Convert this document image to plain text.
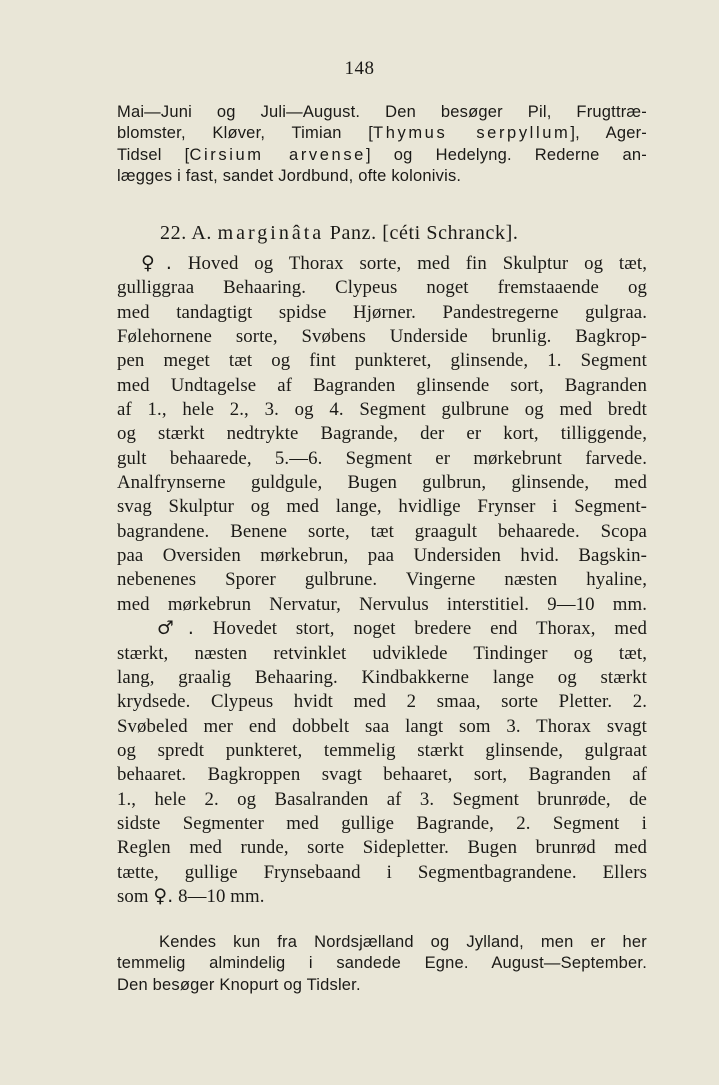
148
Mai—Juni og Juli—August. Den besøger Pil, Frugttræ-
blomster, Kløver, Timian [Thymus serpyllum], Ager-
Tidsel [Cirsium arvense] og Hedelyng. Rederne an-
lægges i fast, sandet Jordbund, ofte kolonivis.
22. A. marginâta Panz. [céti Schranck].
♀. Hoved og Thorax sorte, med fin Skulptur og tæt,
gulliggraa Behaaring. Clypeus noget fremstaaende og
med tandagtigt spidse Hjørner. Pandestregerne gulgraa.
Følehornene sorte, Svøbens Underside brunlig. Bagkrop-
pen meget tæt og fint punkteret, glinsende, 1. Segment
med Undtagelse af Bagranden glinsende sort, Bagranden
af 1., hele 2., 3. og 4. Segment gulbrune og med bredt
og stærkt nedtrykte Bagrande, der er kort, tilliggende,
gult behaarede, 5.—6. Segment er mørkebrunt farvede.
Analfrynserne guldgule, Bugen gulbrun, glinsende, med
svag Skulptur og med lange, hvidlige Frynser i Segment-
bagrandene. Benene sorte, tæt graagult behaarede. Scopa
paa Oversiden mørkebrun, paa Undersiden hvid. Bagskin-
nebenenes Sporer gulbrune. Vingerne næsten hyaline,
med mørkebrun Nervatur, Nervulus interstitiel. 9—10 mm.
♂. Hovedet stort, noget bredere end Thorax, med
stærkt, næsten retvinklet udviklede Tindinger og tæt,
lang, graalig Behaaring. Kindbakkerne lange og stærkt
krydsede. Clypeus hvidt med 2 smaa, sorte Pletter. 2.
Svøbeled mer end dobbelt saa langt som 3. Thorax svagt
og spredt punkteret, temmelig stærkt glinsende, gulgraat
behaaret. Bagkroppen svagt behaaret, sort, Bagranden af
1., hele 2. og Basalranden af 3. Segment brunrøde, de
sidste Segmenter med gullige Bagrande, 2. Segment i
Reglen med runde, sorte Sidepletter. Bugen brunrød med
tætte, gullige Frynsebaand i Segmentbagrandene. Ellers
som ♀. 8—10 mm.
Kendes kun fra Nordsjælland og Jylland, men er her
temmelig almindelig i sandede Egne. August—September.
Den besøger Knopurt og Tidsler.
